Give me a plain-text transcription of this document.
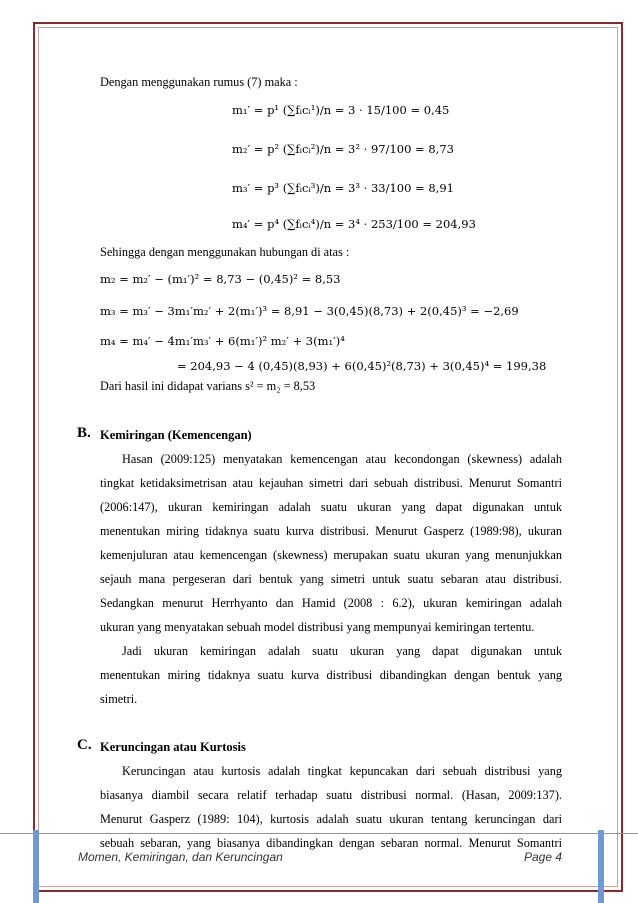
Dengan menggunakan rumus (7) maka :
m₁′ = p¹ (∑fᵢcᵢ¹)/n = 3 · 15/100 = 0,45
m₂′ = p² (∑fᵢcᵢ²)/n = 3² · 97/100 = 8,73
m₃′ = p³ (∑fᵢcᵢ³)/n = 3³ · 33/100 = 8,91
m₄′ = p⁴ (∑fᵢcᵢ⁴)/n = 3⁴ · 253/100 = 204,93
Sehingga dengan menggunakan hubungan di atas :
m₂ = m₂′ − (m₁′)² = 8,73 − (0,45)² = 8,53
m₃ = m₃′ − 3m₁′m₂′ + 2(m₁′)³ = 8,91 − 3(0,45)(8,73) + 2(0,45)³ = −2,69
m₄ = m₄′ − 4m₁′m₃′ + 6(m₁′)² m₂′ + 3(m₁′)⁴
= 204,93 − 4 (0,45)(8,93) + 6(0,45)²(8,73) + 3(0,45)⁴ = 199,38
Dari hasil ini didapat varians s² = m₂ = 8,53
B. Kemiringan (Kemencengan)
Hasan (2009:125) menyatakan kemencengan atau kecondongan (skewness) adalah
tingkat ketidaksimetrisan atau kejauhan simetri dari sebuah distribusi. Menurut Somantri
(2006:147), ukuran kemiringan adalah suatu ukuran yang dapat digunakan untuk
menentukan miring tidaknya suatu kurva distribusi. Menurut Gasperz (1989:98), ukuran
kemenjuluran atau kemencengan (skewness) merupakan suatu ukuran yang menunjukkan
sejauh mana pergeseran dari bentuk yang simetri untuk suatu sebaran atau distribusi.
Sedangkan menurut Herrhyanto dan Hamid (2008 : 6.2), ukuran kemiringan adalah
ukuran yang menyatakan sebuah model distribusi yang mempunyai kemiringan tertentu.
Jadi ukuran kemiringan adalah suatu ukuran yang dapat digunakan untuk
menentukan miring tidaknya suatu kurva distribusi dibandingkan dengan bentuk yang
simetri.
C. Keruncingan atau Kurtosis
Keruncingan atau kurtosis adalah tingkat kepuncakan dari sebuah distribusi yang
biasanya diambil secara relatif terhadap suatu distribusi normal. (Hasan, 2009:137).
Menurut Gasperz (1989: 104), kurtosis adalah suatu ukuran tentang keruncingan dari
sebuah sebaran, yang biasanya dibandingkan dengan sebaran normal. Menurut Somantri
Momen, Kemiringan, dan Keruncingan	Page 4
